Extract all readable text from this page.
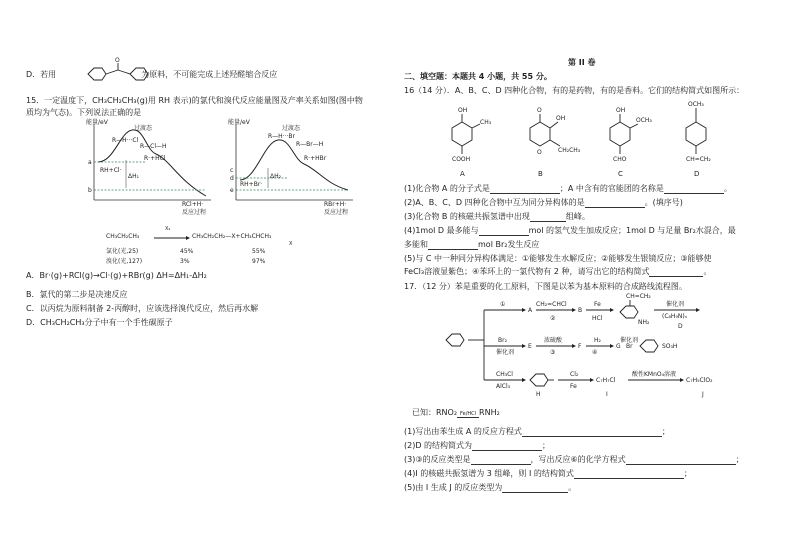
D．若用	为原料，不可能完成上述羟醛缩合反应
O
15．一定温度下，CH₃CH₂CH₃(g)用 RH 表示)的氯代和溴代反应能量图及产率关系如图(图中物
质均为气态)。下列说法正确的是
能量/eV
过渡态
R—H···Cl
R—Cl—H
R·+HCl
RH+Cl·
ΔH₁
RCl+H·
反应过程
a
b
能量/eV
过渡态
R—H···Br
R—Br—H
R·+HBr
RH+Br·
ΔH₂
RBr+H·
反应过程
c
d
e
CH₃CH₂CH₃
X₂
→ CH₃CH₂CH₂—X+CH₃CHCH₃
X
氯化(光,25)	45%	55%
溴化(光,127)	3%	97%
A．Br·(g)+RCl(g)→Cl·(g)+RBr(g) ΔH=ΔH₁-ΔH₂
B．氯代的第二步是决速反应
C．以丙烷为原料制备 2-丙醇时，应该选择溴代反应，然后再水解
D．CH₃CH₂CH₃分子中有一个手性碳原子
第 II 卷
二、填空题：本题共 4 小题，共 55 分。
16（14 分）．A、B、C、D 四种化合物，有的是药物，有的是香料。它们的结构简式如图所示：
OH
CH₃
COOH
A
O
OH
CH₂CH₃
O
B
OH
OCH₃
CHO
C
OCH₃
CH=CH₂
D
(1)化合物 A 的分子式是	；A 中含有的官能团的名称是	。
(2)A、B、C、D 四种化合物中互为同分异构体的是	。(填序号)
(3)化合物 B 的核磁共振氢谱中出现	组峰。
(4)1mol D 最多能与	mol 的氢气发生加成反应；1mol D 与足量 Br₂水混合，最
多能和	mol Br₂发生反应
(5)与 C 中一种同分异构体满足：①能够发生水解反应；②能够发生银镜反应；③能够使
FeCl₃溶液显紫色；④苯环上的一氯代物有 2 种，请写出它的结构简式	。
17．（12 分）苯是重要的化工原料，下图是以苯为基本原料的合成路线流程图。
①
A
CH₂=CHCl
②
B
Fe
HCl
CH=CH₂
NH₂
催化剂
(C₈H₉N)ₙ
D
Br₂
催化剂
E
浓硫酸
③
F
H₂
④
G
催化剂
Br	SO₃H
CH₃Cl
AlCl₃
H
Cl₂
Fe
C₇H₇Cl
I
酸性KMnO₄溶液
C₇H₅ClO₂
J
已知：RNO₂ Fe/HCl RNH₂
(1)写出由苯生成 A 的反应方程式	；
(2)D 的结构简式为	；
(3)③的反应类型是	，写出反应⑥的化学方程式	；
(4)I 的核磁共振氢谱为 3 组峰，则 I 的结构简式	；
(5)由 I 生成 J 的反应类型为	。
